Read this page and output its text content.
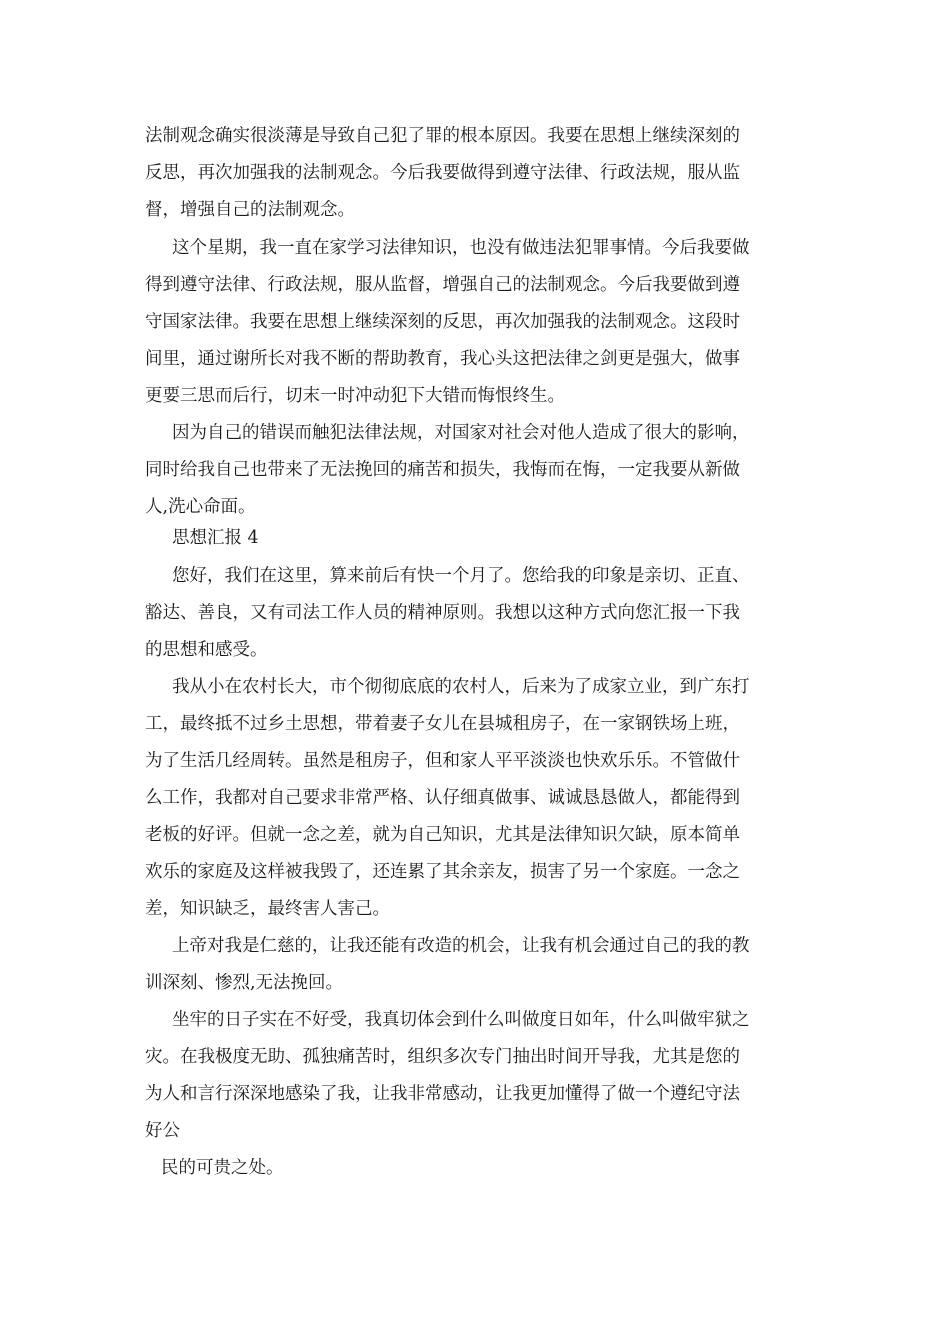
法制观念确实很淡薄是导致自己犯了罪的根本原因。我要在思想上继续深刻的
反思，再次加强我的法制观念。今后我要做得到遵守法律、行政法规，服从监
督，增强自己的法制观念。
这个星期，我一直在家学习法律知识，也没有做违法犯罪事情。今后我要做
得到遵守法律、行政法规，服从监督，增强自己的法制观念。今后我要做到遵
守国家法律。我要在思想上继续深刻的反思，再次加强我的法制观念。这段时
间里，通过谢所长对我不断的帮助教育，我心头这把法律之剑更是强大，做事
更要三思而后行，切末一时冲动犯下大错而悔恨终生。
因为自己的错误而触犯法律法规，对国家对社会对他人造成了很大的影响，
同时给我自己也带来了无法挽回的痛苦和损失，我悔而在悔，一定我要从新做
人,洗心命面。
思想汇报 4
您好，我们在这里，算来前后有快一个月了。您给我的印象是亲切、正直、
豁达、善良，又有司法工作人员的精神原则。我想以这种方式向您汇报一下我
的思想和感受。
我从小在农村长大，市个彻彻底底的农村人，后来为了成家立业，到广东打
工，最终抵不过乡土思想，带着妻子女儿在县城租房子，在一家钢铁场上班，
为了生活几经周转。虽然是租房子，但和家人平平淡淡也快欢乐乐。不管做什
么工作，我都对自己要求非常严格、认仔细真做事、诚诚恳恳做人，都能得到
老板的好评。但就一念之差，就为自己知识，尤其是法律知识欠缺，原本简单
欢乐的家庭及这样被我毁了，还连累了其余亲友，损害了另一个家庭。一念之
差，知识缺乏，最终害人害己。
上帝对我是仁慈的，让我还能有改造的机会，让我有机会通过自己的我的教
训深刻、惨烈,无法挽回。
坐牢的日子实在不好受，我真切体会到什么叫做度日如年，什么叫做牢狱之
灾。在我极度无助、孤独痛苦时，组织多次专门抽出时间开导我，尤其是您的
为人和言行深深地感染了我，让我非常感动，让我更加懂得了做一个遵纪守法
好公
民的可贵之处。
